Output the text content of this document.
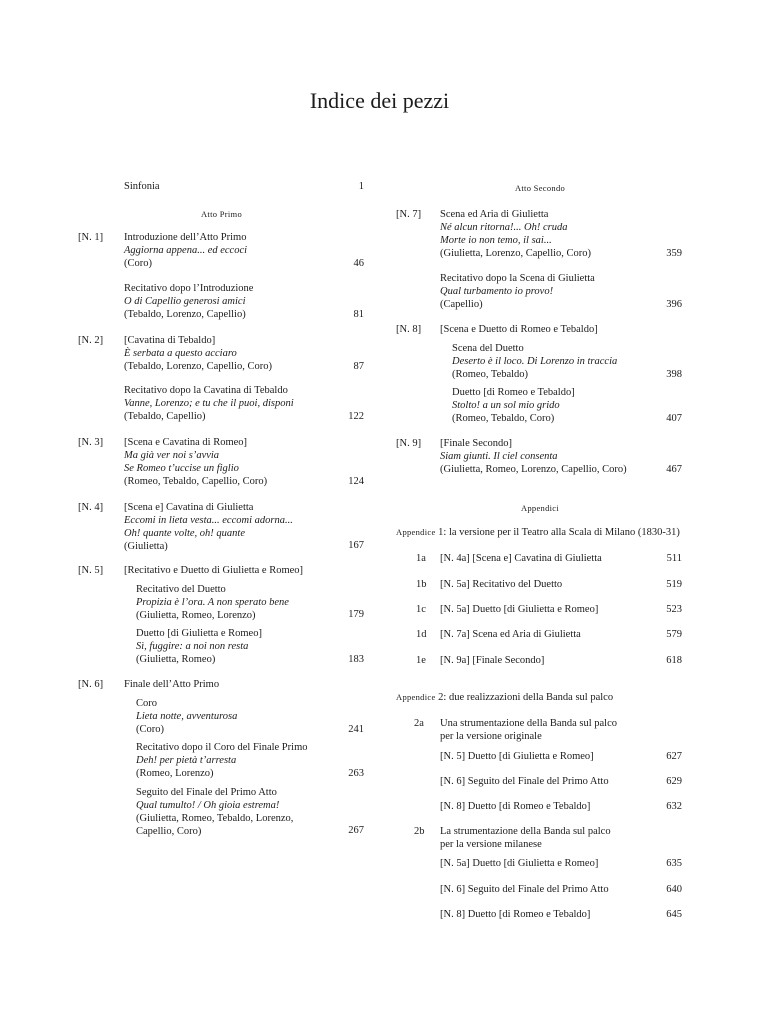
Indice dei pezzi
Sinfonia	1
Atto Primo
[N. 1] Introduzione dell’Atto Primo
Aggiorna appena... ed eccoci
(Coro)	46
Recitativo dopo l’Introduzione
O di Capellio generosi amici
(Tebaldo, Lorenzo, Capellio)	81
[N. 2] [Cavatina di Tebaldo]
È serbata a questo acciaro
(Tebaldo, Lorenzo, Capellio, Coro)	87
Recitativo dopo la Cavatina di Tebaldo
Vanne, Lorenzo; e tu che il puoi, disponi
(Tebaldo, Capellio)	122
[N. 3] [Scena e Cavatina di Romeo]
Ma già ver noi s’avvia
Se Romeo t’uccise un figlio
(Romeo, Tebaldo, Capellio, Coro)	124
[N. 4] [Scena e] Cavatina di Giulietta
Eccomi in lieta vesta... eccomi adorna...
Oh! quante volte, oh! quante
(Giulietta)	167
[N. 5] [Recitativo e Duetto di Giulietta e Romeo]
Recitativo del Duetto
Propizia è l’ora. A non sperato bene
(Giulietta, Romeo, Lorenzo)	179
Duetto [di Giulietta e Romeo]
Sì, fuggire: a noi non resta
(Giulietta, Romeo)	183
[N. 6] Finale dell’Atto Primo
Coro
Lieta notte, avventurosa
(Coro)	241
Recitativo dopo il Coro del Finale Primo
Deh! per pietà t’arresta
(Romeo, Lorenzo)	263
Seguito del Finale del Primo Atto
Qual tumulto! / Oh gioia estrema!
(Giulietta, Romeo, Tebaldo, Lorenzo,
Capellio, Coro)	267
Atto Secondo
[N. 7] Scena ed Aria di Giulietta
Né alcun ritorna!... Oh! cruda
Morte io non temo, il sai...
(Giulietta, Lorenzo, Capellio, Coro)	359
Recitativo dopo la Scena di Giulietta
Qual turbamento io provo!
(Capellio)	396
[N. 8] [Scena e Duetto di Romeo e Tebaldo]
Scena del Duetto
Deserto è il loco. Di Lorenzo in traccia
(Romeo, Tebaldo)	398
Duetto [di Romeo e Tebaldo]
Stolto! a un sol mio grido
(Romeo, Tebaldo, Coro)	407
[N. 9] [Finale Secondo]
Siam giunti. Il ciel consenta
(Giulietta, Romeo, Lorenzo, Capellio, Coro)	467
Appendici
Appendice 1: la versione per il Teatro alla Scala di Milano (1830-31)
1a [N. 4a] [Scena e] Cavatina di Giulietta	511
1b [N. 5a] Recitativo del Duetto	519
1c [N. 5a] Duetto [di Giulietta e Romeo]	523
1d [N. 7a] Scena ed Aria di Giulietta	579
1e [N. 9a] [Finale Secondo]	618
Appendice 2: due realizzazioni della Banda sul palco
2a Una strumentazione della Banda sul palco
per la versione originale
[N. 5] Duetto [di Giulietta e Romeo]	627
[N. 6] Seguito del Finale del Primo Atto	629
[N. 8] Duetto [di Romeo e Tebaldo]	632
2b La strumentazione della Banda sul palco
per la versione milanese
[N. 5a] Duetto [di Giulietta e Romeo]	635
[N. 6] Seguito del Finale del Primo Atto	640
[N. 8] Duetto [di Romeo e Tebaldo]	645
